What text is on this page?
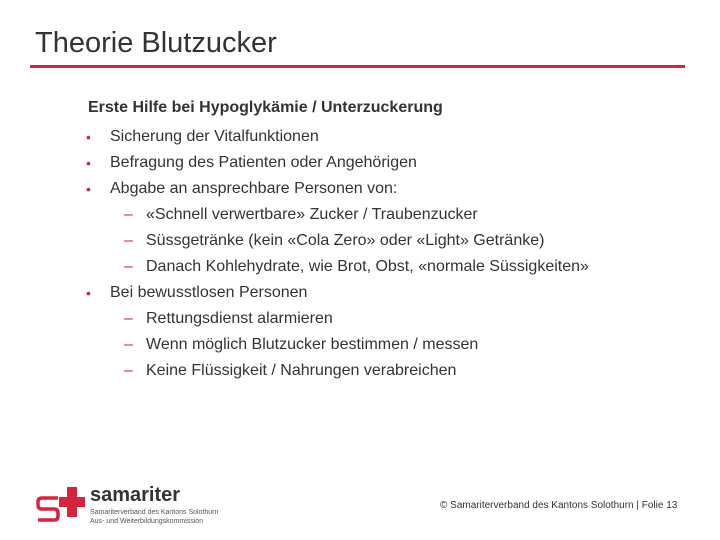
Theorie Blutzucker
Erste Hilfe bei Hypoglykämie / Unterzuckerung
• Sicherung der Vitalfunktionen
• Befragung des Patienten oder Angehörigen
• Abgabe an ansprechbare Personen von:
– «Schnell verwertbare» Zucker / Traubenzucker
– Süssgetränke (kein «Cola Zero» oder «Light» Getränke)
– Danach Kohlehydrate, wie Brot, Obst, «normale Süssigkeiten»
• Bei bewusstlosen Personen
– Rettungsdienst alarmieren
– Wenn möglich Blutzucker bestimmen / messen
– Keine Flüssigkeit / Nahrungen verabreichen
samariter
Samariterverband des Kantons Solothurn
Aus- und Weiterbildungskommission
© Samariterverband des Kantons Solothurn | Folie 13
